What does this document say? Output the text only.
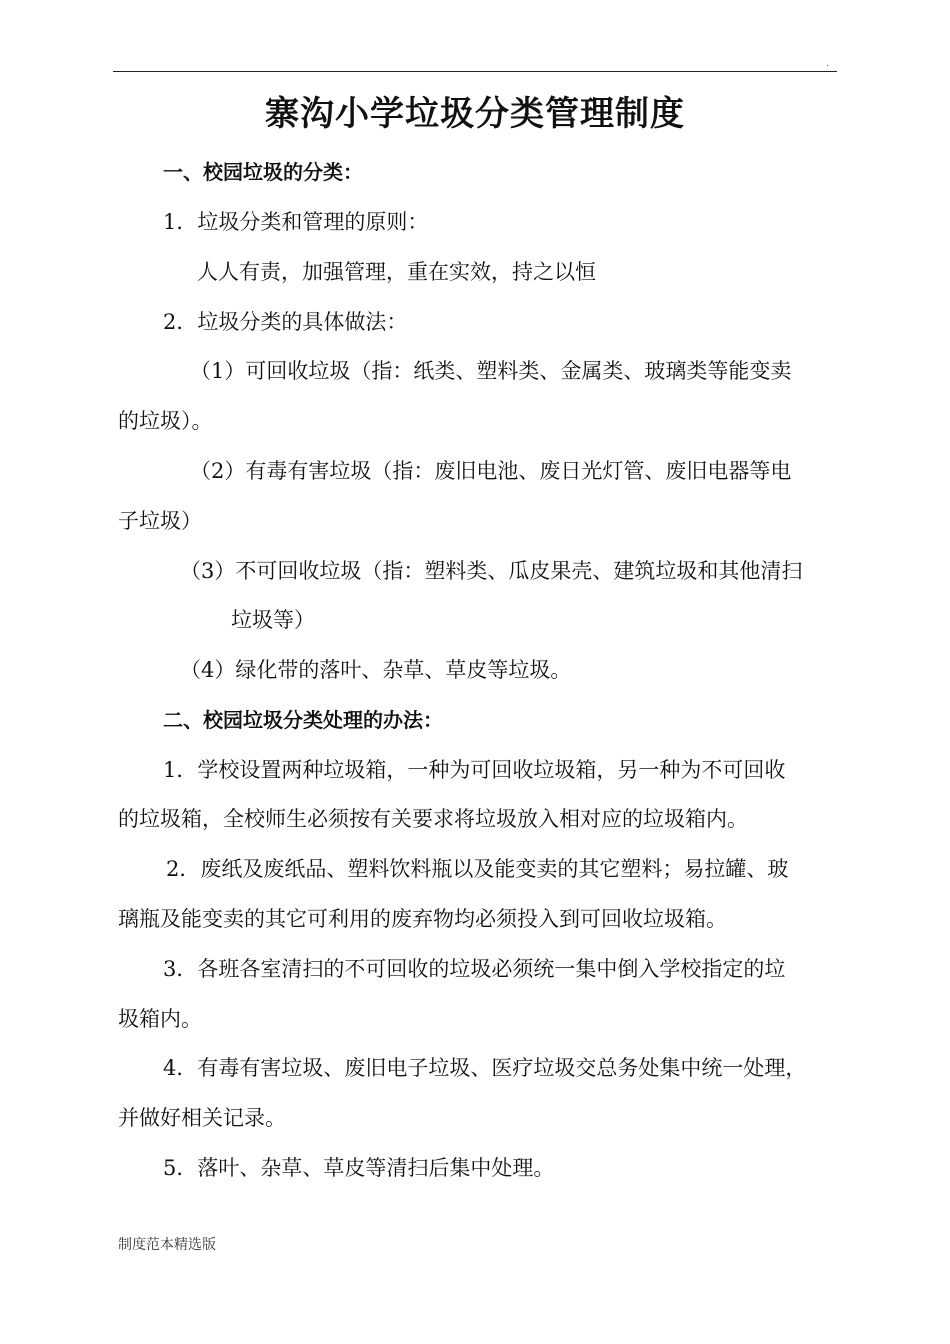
.
寨沟小学垃圾分类管理制度
一、校园垃圾的分类：
1．垃圾分类和管理的原则：
人人有责，加强管理，重在实效，持之以恒
2．垃圾分类的具体做法：
（1）可回收垃圾（指：纸类、塑料类、金属类、玻璃类等能变卖
的垃圾）。
（2）有毒有害垃圾（指：废旧电池、废日光灯管、废旧电器等电
子垃圾）
（3）不可回收垃圾（指：塑料类、瓜皮果壳、建筑垃圾和其他清扫
垃圾等）
（4）绿化带的落叶、杂草、草皮等垃圾。
二、校园垃圾分类处理的办法：
1．学校设置两种垃圾箱，一种为可回收垃圾箱，另一种为不可回收
的垃圾箱，全校师生必须按有关要求将垃圾放入相对应的垃圾箱内。
2．废纸及废纸品、塑料饮料瓶以及能变卖的其它塑料；易拉罐、玻
璃瓶及能变卖的其它可利用的废弃物均必须投入到可回收垃圾箱。
3．各班各室清扫的不可回收的垃圾必须统一集中倒入学校指定的垃
圾箱内。
4．有毒有害垃圾、废旧电子垃圾、医疗垃圾交总务处集中统一处理，
并做好相关记录。
5．落叶、杂草、草皮等清扫后集中处理。
制度范本精选版
